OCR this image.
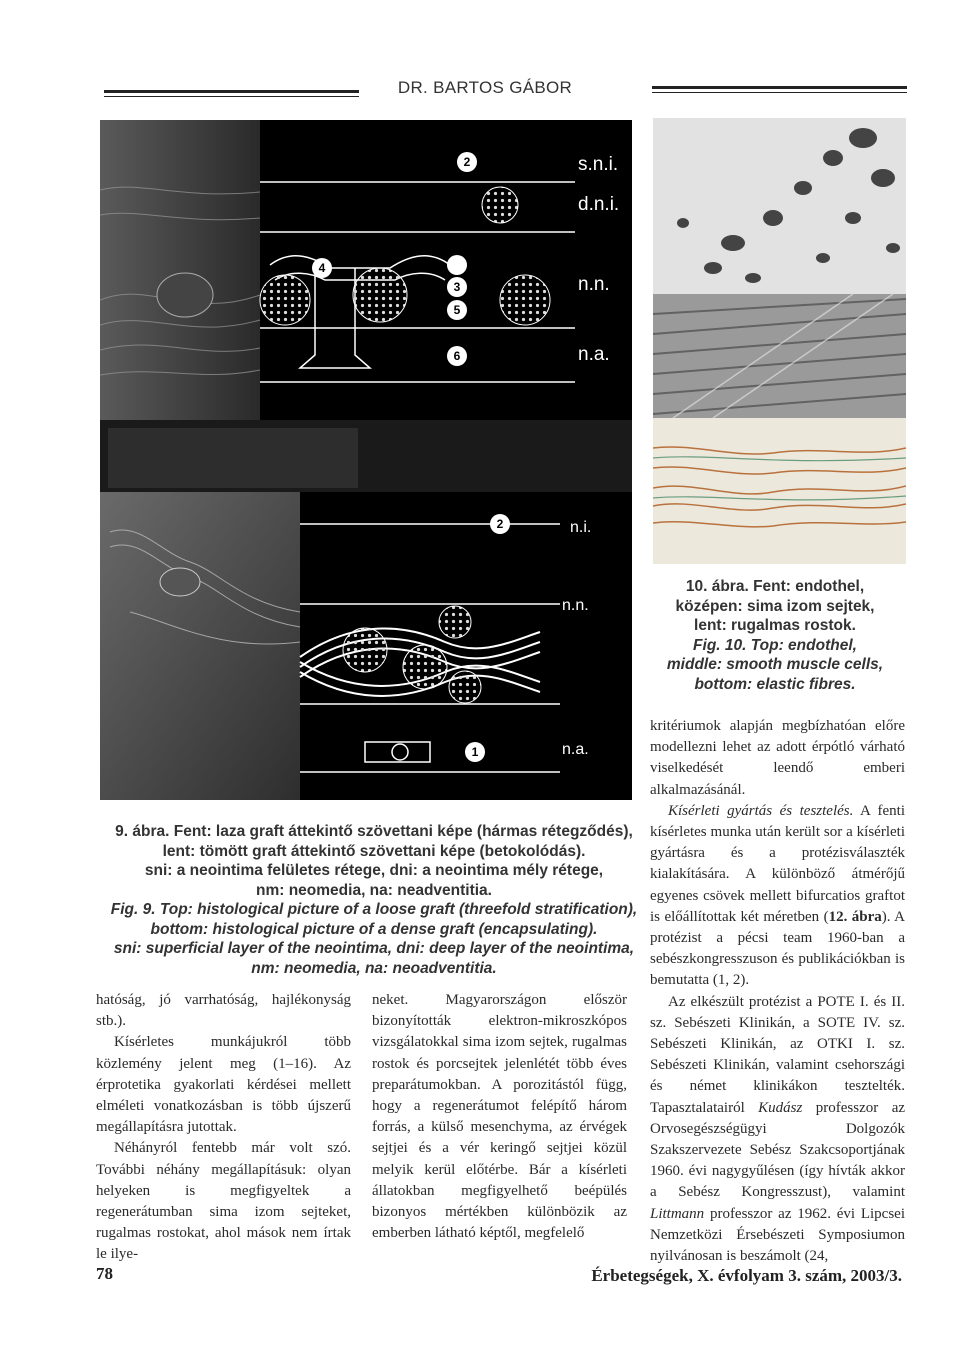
DR. BARTOS GÁBOR
2
4
3
5
6
s.n.i.
d.n.i.
n.n.
n.a.
2
1
n.i.
n.n.
n.a.
9. ábra. Fent: laza graft áttekintő szövettani képe (hármas rétegződés),
lent: tömött graft áttekintő szövettani képe (betokolódás).
sni: a neointima felületes rétege, dni: a neointima mély rétege,
nm: neomedia, na: neadventitia.
Fig. 9. Top: histological picture of a loose graft (threefold stratification),
bottom: histological picture of a dense graft (encapsulating).
sni: superficial layer of the neointima, dni: deep layer of the neointima,
nm: neomedia, na: neoadventitia.
10. ábra. Fent: endothel,
középen: sima izom sejtek,
lent: rugalmas rostok.
Fig. 10. Top: endothel,
middle: smooth muscle cells,
bottom: elastic fibres.

hatóság, jó varrhatóság, hajlékonyság stb.).

Kísérletes munkájukról több közlemény jelent meg (1–16). Az érprotetika gyakorlati kérdései mellett elméleti vonatkozásban is több újszerű megállapításra jutottak.

Néhányról fentebb már volt szó. További néhány megállapításuk: olyan helyeken is megfigyeltek a regenerátumban sima izom sejteket, rugalmas rostokat, ahol mások nem írtak le ilye-

neket. Magyarországon először bizonyították elektron-mikroszkópos vizsgálatokkal sima izom sejtek, rugalmas rostok és porcsejtek jelenlétét több éves preparátumokban. A porozitástól függ, hogy a regenerátumot felépítő három forrás, a külső mesenchyma, az érvégek sejtjei és a vér keringő sejtjei közül melyik kerül előtérbe. Bár a kísérleti állatokban megfigyelhető beépülés bizonyos mértékben különbözik az emberben látható képtől, megfelelő

kritériumok alapján megbízhatóan előre modellezni lehet az adott érpótló várható viselkedését leendő emberi alkalmazásánál.

Kísérleti gyártás és tesztelés. A fenti kísérletes munka után került sor a kísérleti gyártásra és a protézisválaszték kialakítására. A különböző átmérőjű egyenes csövek mellett bifurcatios graftot is előállítottak két méretben (12. ábra). A protézist a pécsi team 1960-ban a sebészkongresszuson és publikációkban is bemutatta (1, 2).

Az elkészült protézist a POTE I. és II. sz. Sebészeti Klinikán, a SOTE IV. sz. Sebészeti Klinikán, az OTKI I. sz. Sebészeti Klinikán, valamint csehországi és német klinikákon tesztelték. Tapasztalatairól Kudász professzor az Orvosegészségügyi Dolgozók Szakszervezete Sebész Szakcsoportjának 1960. évi nagygyűlésen (így hívták akkor a Sebész Kongresszust), valamint Littmann professzor az 1962. évi Lipcsei Nemzetközi Érsebészeti Symposiumon nyilvánosan is beszámolt (24,

78	Érbetegségek, X. évfolyam 3. szám, 2003/3.
